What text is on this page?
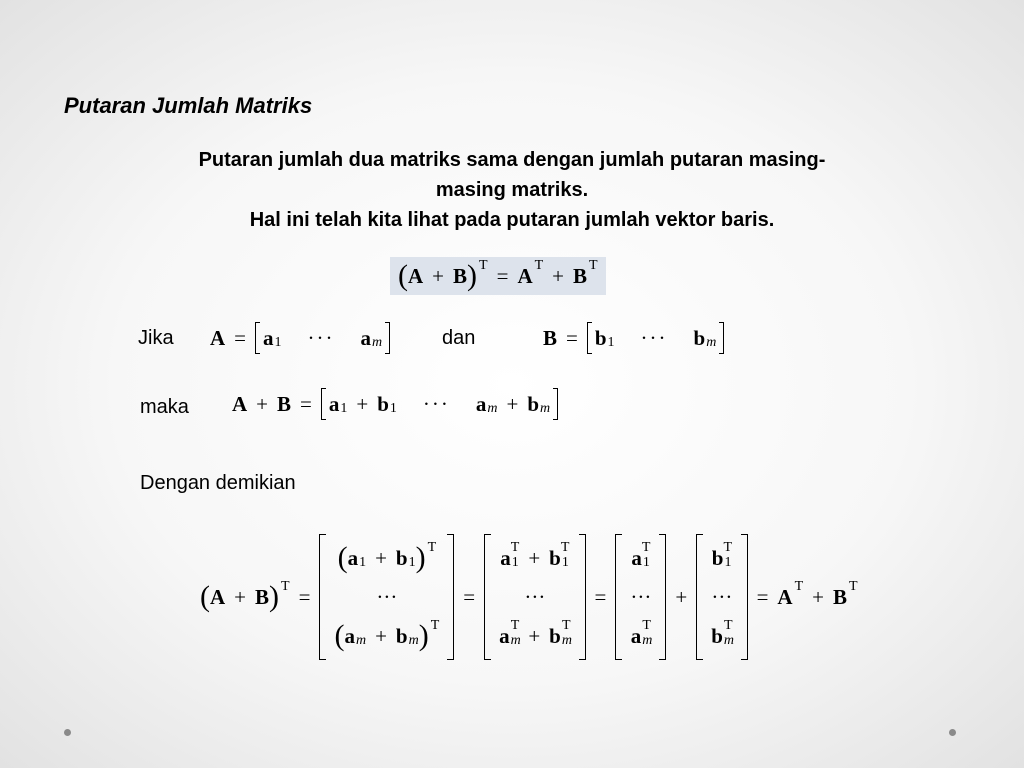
Putaran Jumlah Matriks
Putaran jumlah dua matriks sama dengan jumlah putaran masing-
masing matriks.
Hal ini telah kita lihat pada putaran jumlah vektor baris.
( A + B ) T = A T + B T
Jika A = a 1 ··· a m	dan	B = b 1 ··· b m
maka A + B = a 1 + b 1 ··· a m + b m
Dengan demikian
( A + B ) T =
( a 1 + b 1 ) T
···
( a m + b m ) T
=
a 1
T + b 1
T
···
a m
T + b m
T
=
a 1
T
···
a m
T
+
b 1
T
···
b m
T
= A T + B T
